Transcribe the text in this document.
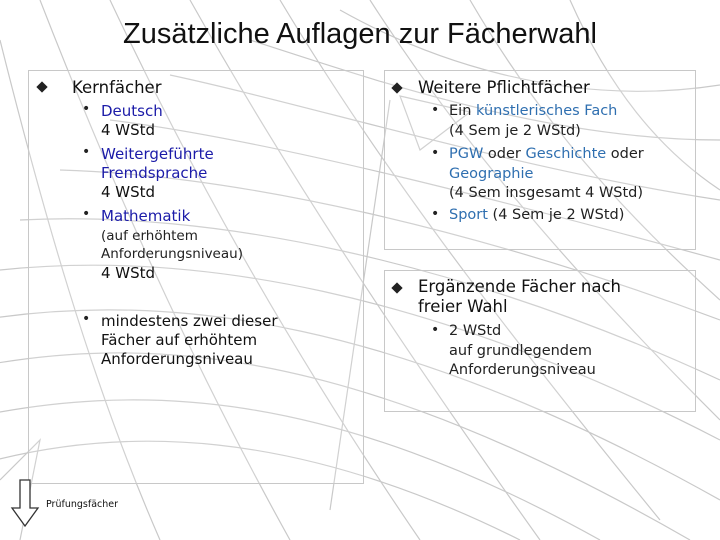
Zusätzliche Auflagen zur Fächerwahl
Kernfächer
• Deutsch
4 WStd
• Weitergeführte
Fremdsprache
4 WStd
• Mathematik
(auf erhöhtem
Anforderungsniveau)
4 WStd
• mindestens zwei dieser
Fächer auf erhöhtem
Anforderungsniveau
Weitere Pflichtfächer
• Ein künstlerisches Fach
(4 Sem je 2 WStd)
• PGW oder Geschichte oder
Geographie
(4 Sem insgesamt 4 WStd)
• Sport (4 Sem je 2 WStd)
Ergänzende Fächer nach
freier Wahl
• 2 WStd
auf grundlegendem
Anforderungsniveau
Prüfungsfächer
